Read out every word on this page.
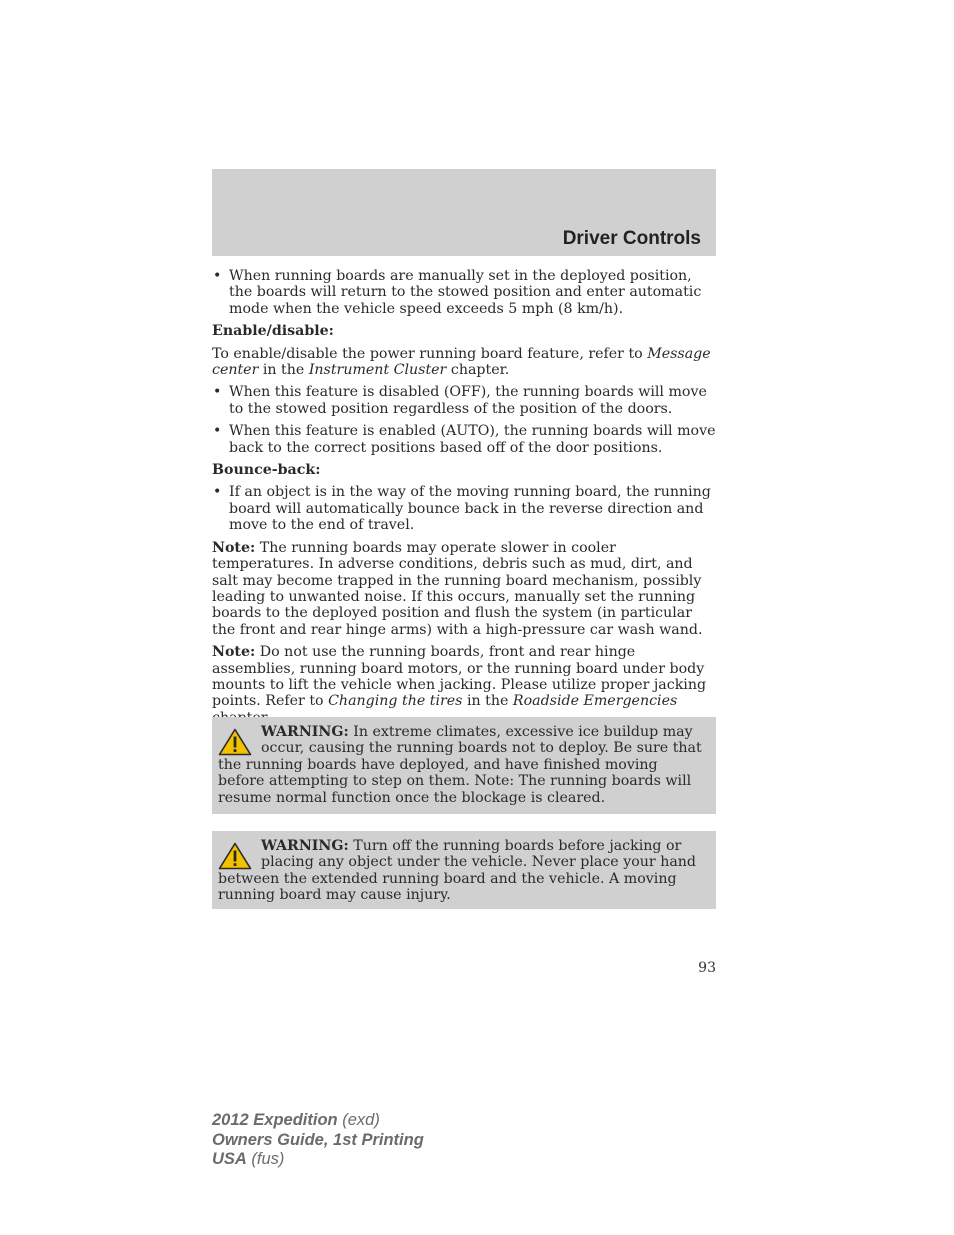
Driver Controls
• When running boards are manually set in the deployed position, the boards will return to the stowed position and enter automatic mode when the vehicle speed exceeds 5 mph (8 km/h).
Enable/disable:
To enable/disable the power running board feature, refer to Message center in the Instrument Cluster chapter.
• When this feature is disabled (OFF), the running boards will move to the stowed position regardless of the position of the doors.
• When this feature is enabled (AUTO), the running boards will move back to the correct positions based off of the door positions.
Bounce-back:
• If an object is in the way of the moving running board, the running board will automatically bounce back in the reverse direction and move to the end of travel.
Note: The running boards may operate slower in cooler temperatures. In adverse conditions, debris such as mud, dirt, and salt may become trapped in the running board mechanism, possibly leading to unwanted noise. If this occurs, manually set the running boards to the deployed position and flush the system (in particular the front and rear hinge arms) with a high-pressure car wash wand.
Note: Do not use the running boards, front and rear hinge assemblies, running board motors, or the running board under body mounts to lift the vehicle when jacking. Please utilize proper jacking points. Refer to Changing the tires in the Roadside Emergencies
WARNING: In extreme climates, excessive ice buildup may occur, causing the running boards not to deploy. Be sure that the running boards have deployed, and have finished moving before attempting to step on them. Note: The running boards will resume normal function once the blockage is cleared.
WARNING: Turn off the running boards before jacking or placing any object under the vehicle. Never place your hand between the extended running board and the vehicle. A moving running board may cause injury.
93
2012 Expedition (exd)
Owners Guide, 1st Printing
USA (fus)
